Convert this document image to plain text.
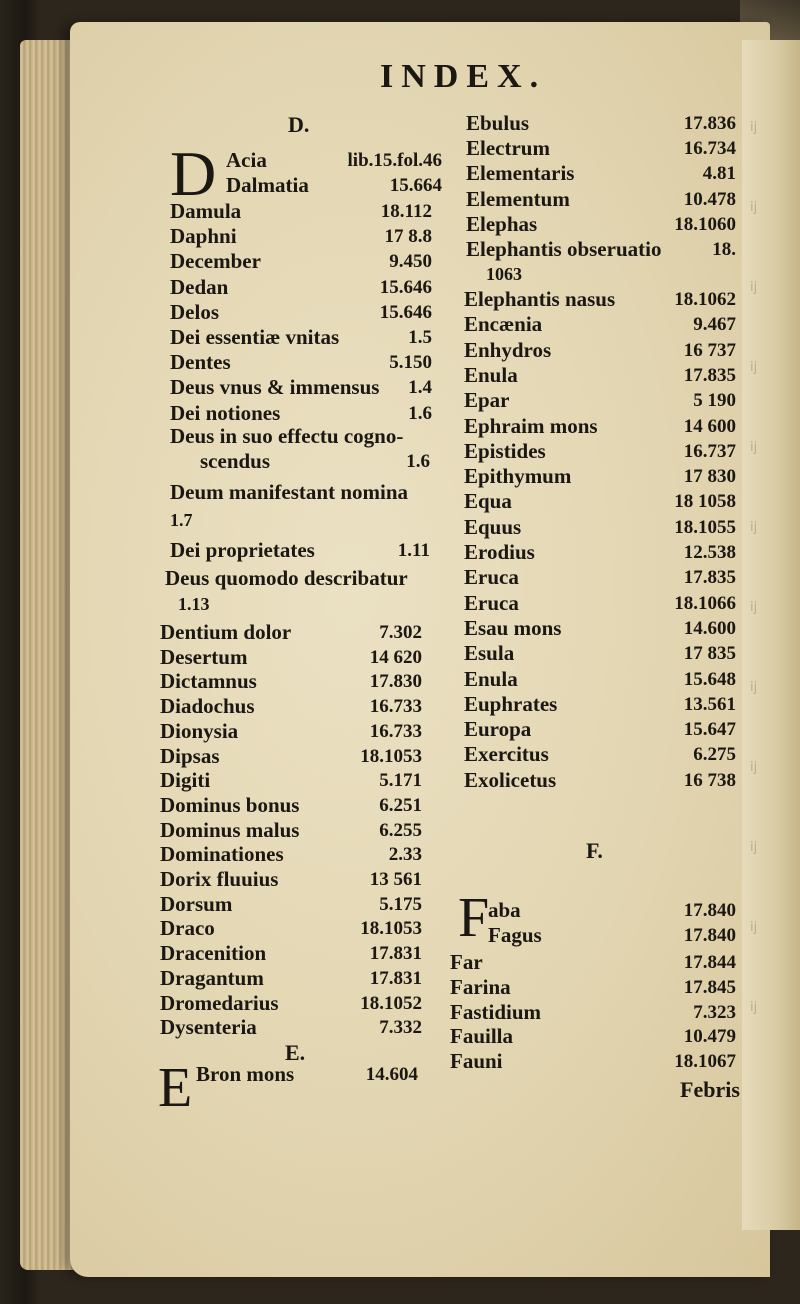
ij
ij
ij
ij
ij
ij
ij
ij
ij
ij
ij
ij
INDEX.
D.
D Acia	lib.15.fol.46
Dalmatia	15.664
Damula	18.112
Daphni	17 8.8
December	9.450
Dedan	15.646
Delos	15.646
Dei essentiæ vnitas	1.5
Dentes	5.150
Deus vnus & immensus 1.4
Dei notiones	1.6
Deus in suo effectu cogno-
scendus	1.6
Deum manifestant nomina
1.7
Dei proprietates	1.11
Deus quomodo describatur
1.13
Dentium dolor	7.302
Desertum	14 620
Dictamnus	17.830
Diadochus	16.733
Dionysia	16.733
Dipsas	18.1053
Digiti	5.171
Dominus bonus	6.251
Dominus malus	6.255
Dominationes	2.33
Dorix fluuius	13 561
Dorsum	5.175
Draco	18.1053
Dracenition	17.831
Dragantum	17.831
Dromedarius	18.1052
Dysenteria	7.332
E.
E Bron mons	14.604
Ebulus	17.836
Electrum	16.734
Elementaris	4.81
Elementum	10.478
Elephas	18.1060
Elephantis obseruatio	18.
1063
Elephantis nasus	18.1062
Encænia	9.467
Enhydros	16 737
Enula	17.835
Epar	5 190
Ephraim mons	14 600
Epistides	16.737
Epithymum	17 830
Equa	18 1058
Equus	18.1055
Erodius	12.538
Eruca	17.835
Eruca	18.1066
Esau mons	14.600
Esula	17 835
Enula	15.648
Euphrates	13.561
Europa	15.647
Exercitus	6.275
Exolicetus	16 738
F.
F
aba	17.840
Fagus	17.840
Far	17.844
Farina	17.845
Fastidium	7.323
Fauilla	10.479
Fauni	18.1067
Febris
